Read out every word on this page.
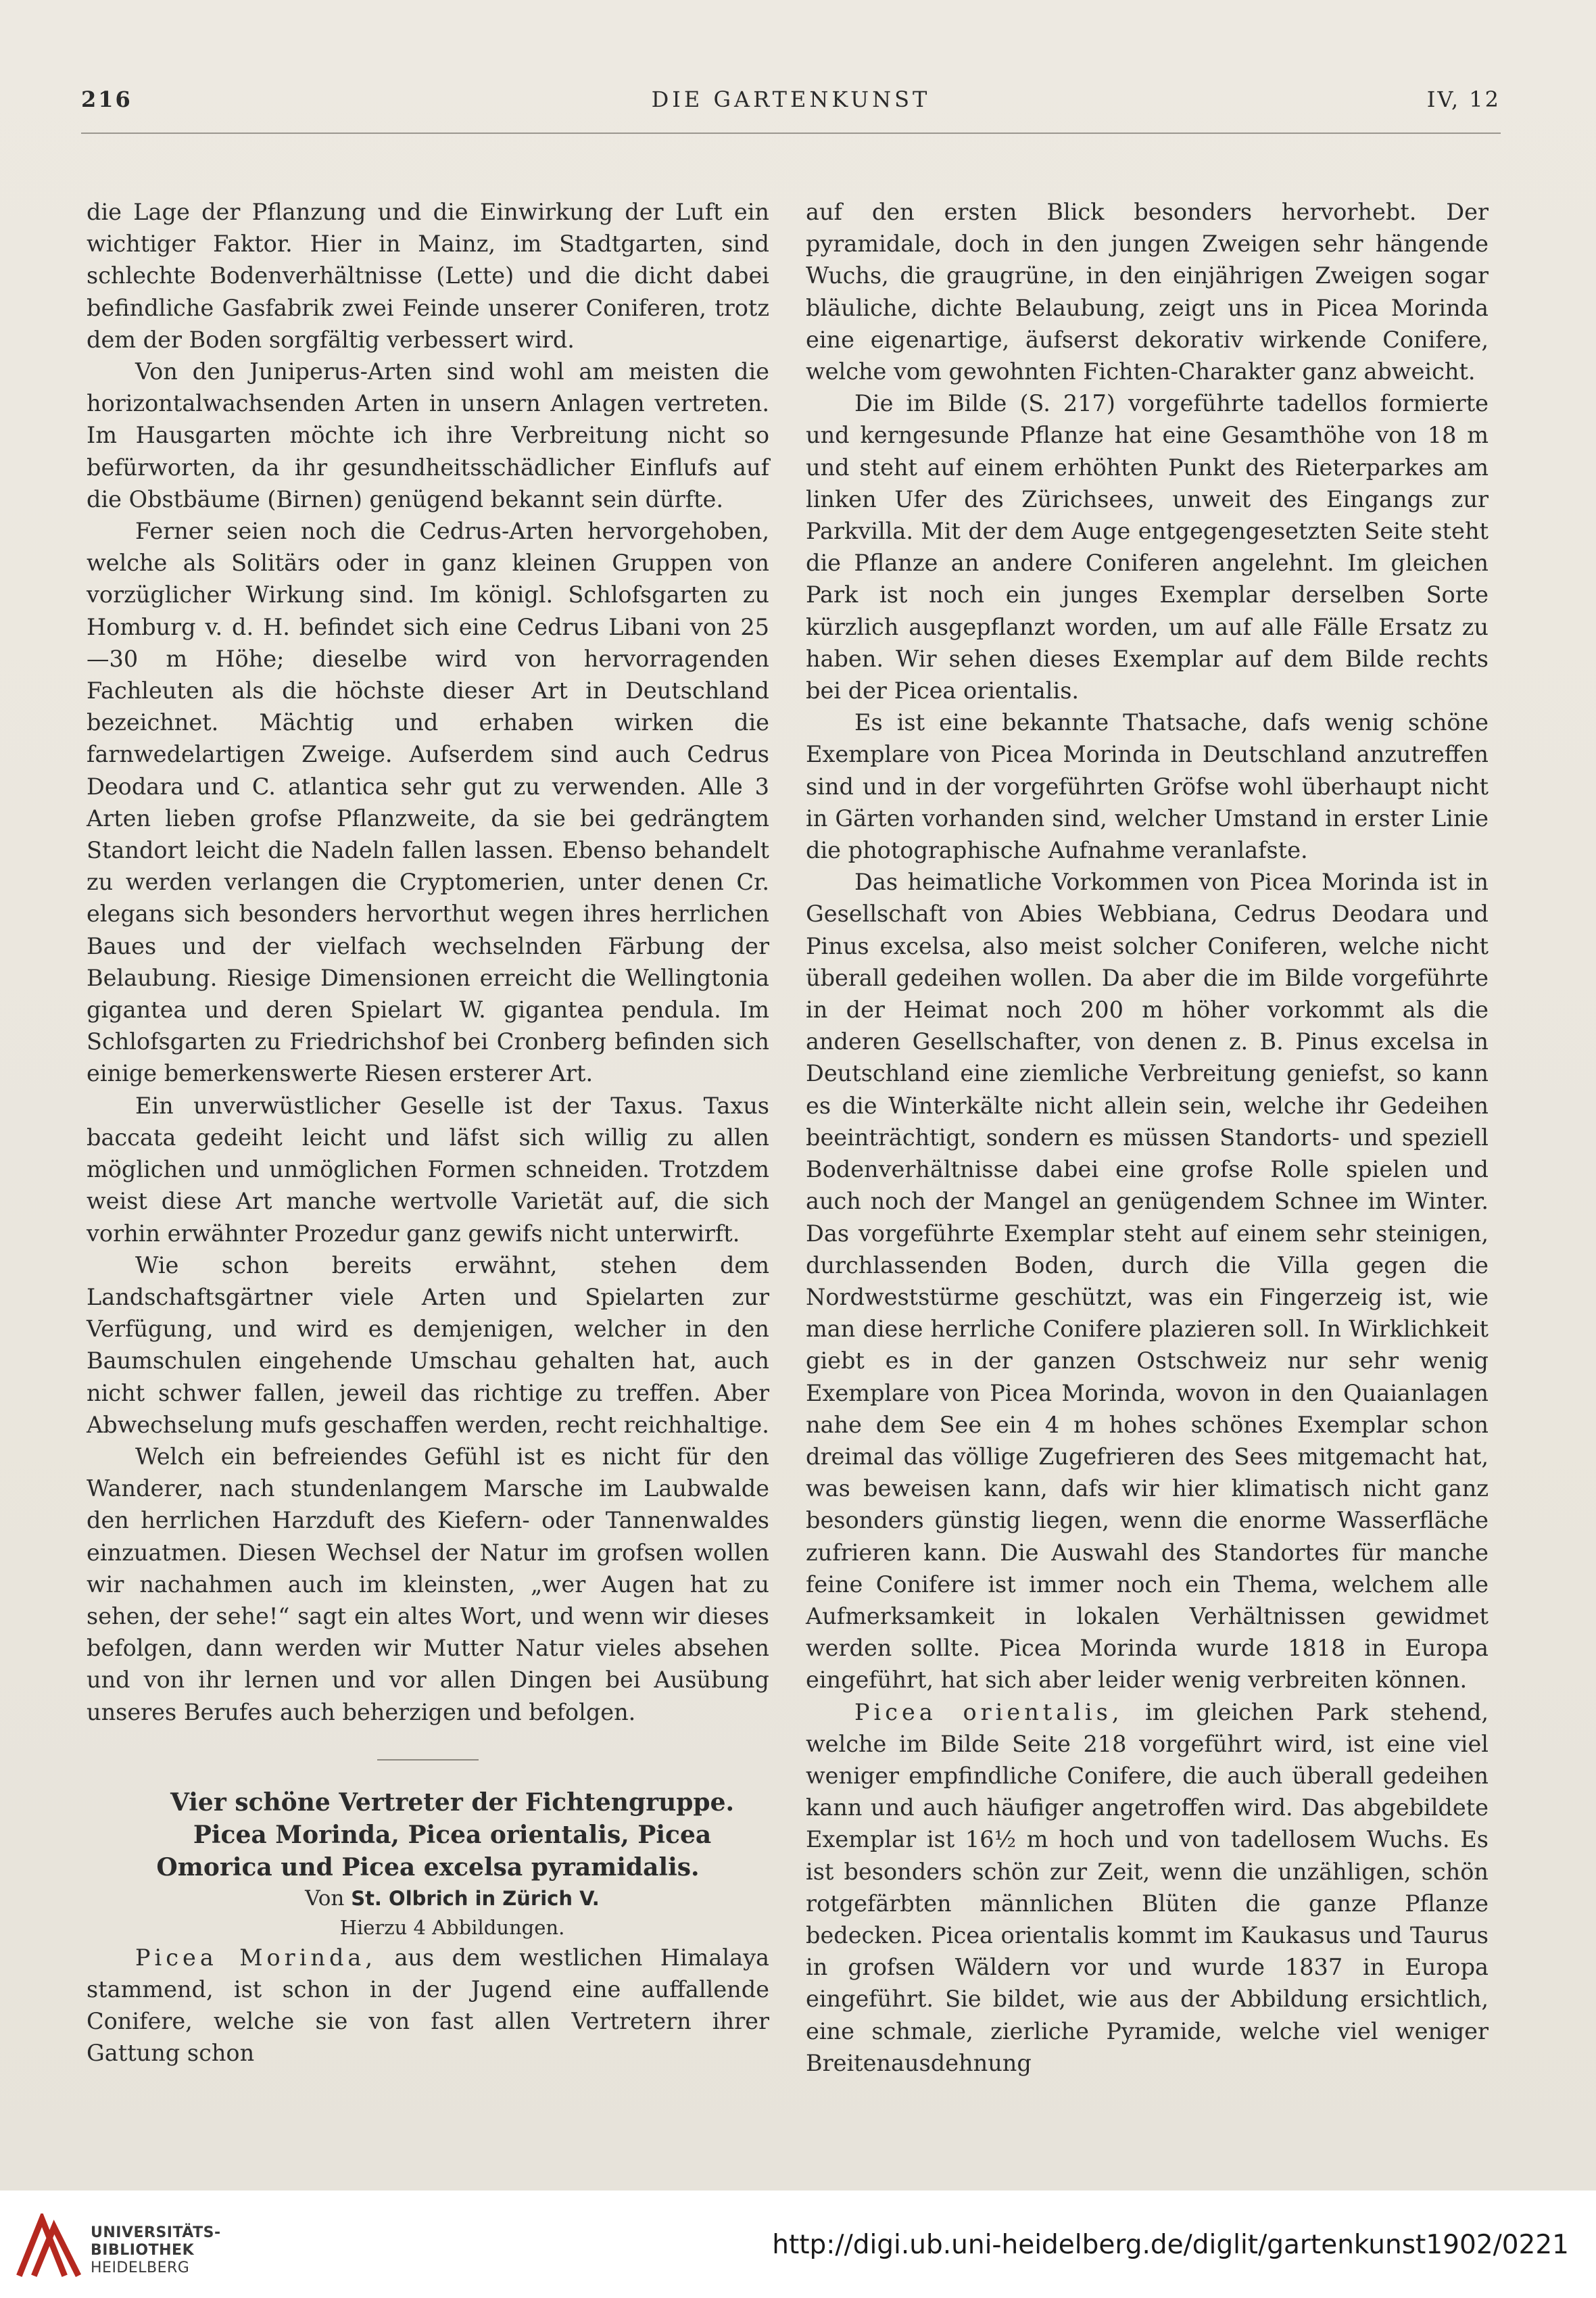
216	DIE GARTENKUNST	IV, 12

die Lage der Pflanzung und die Einwirkung der Luft ein wichtiger Faktor. Hier in Mainz, im Stadtgarten, sind schlechte Bodenverhältnisse (Lette) und die dicht dabei befindliche Gasfabrik zwei Feinde unserer Coniferen, trotz dem der Boden sorgfältig verbessert wird.

Von den Juniperus-Arten sind wohl am meisten die horizontalwachsenden Arten in unsern Anlagen vertreten. Im Hausgarten möchte ich ihre Verbreitung nicht so befürworten, da ihr gesundheitsschädlicher Einflufs auf die Obstbäume (Birnen) genügend bekannt sein dürfte.

Ferner seien noch die Cedrus-Arten hervorgehoben, welche als Solitärs oder in ganz kleinen Gruppen von vorzüglicher Wirkung sind. Im königl. Schlofsgarten zu Homburg v. d. H. befindet sich eine Cedrus Libani von 25—30 m Höhe; dieselbe wird von hervorragenden Fachleuten als die höchste dieser Art in Deutschland bezeichnet. Mächtig und erhaben wirken die farnwedelartigen Zweige. Aufserdem sind auch Cedrus Deodara und C. atlantica sehr gut zu verwenden. Alle 3 Arten lieben grofse Pflanzweite, da sie bei gedrängtem Standort leicht die Nadeln fallen lassen. Ebenso behandelt zu werden verlangen die Cryptomerien, unter denen Cr. elegans sich besonders hervorthut wegen ihres herrlichen Baues und der vielfach wechselnden Färbung der Belaubung. Riesige Dimensionen erreicht die Wellingtonia gigantea und deren Spielart W. gigantea pendula. Im Schlofsgarten zu Friedrichshof bei Cronberg befinden sich einige bemerkenswerte Riesen ersterer Art.

Ein unverwüstlicher Geselle ist der Taxus. Taxus baccata gedeiht leicht und läfst sich willig zu allen möglichen und unmöglichen Formen schneiden. Trotzdem weist diese Art manche wertvolle Varietät auf, die sich vorhin erwähnter Prozedur ganz gewifs nicht unterwirft.

Wie schon bereits erwähnt, stehen dem Landschaftsgärtner viele Arten und Spielarten zur Verfügung, und wird es demjenigen, welcher in den Baumschulen eingehende Umschau gehalten hat, auch nicht schwer fallen, jeweil das richtige zu treffen. Aber Abwechselung mufs geschaffen werden, recht reichhaltige.

Welch ein befreiendes Gefühl ist es nicht für den Wanderer, nach stundenlangem Marsche im Laubwalde den herrlichen Harzduft des Kiefern- oder Tannenwaldes einzuatmen. Diesen Wechsel der Natur im grofsen wollen wir nachahmen auch im kleinsten, „wer Augen hat zu sehen, der sehe!“ sagt ein altes Wort, und wenn wir dieses befolgen, dann werden wir Mutter Natur vieles absehen und von ihr lernen und vor allen Dingen bei Ausübung unseres Berufes auch beherzigen und befolgen.

Vier schöne Vertreter der Fichtengruppe.

Picea Morinda, Picea orientalis, Picea Omorica und Picea excelsa pyramidalis.

Von St. Olbrich in Zürich V.

Hierzu 4 Abbildungen.

Picea Morinda, aus dem westlichen Himalaya stammend, ist schon in der Jugend eine auffallende Conifere, welche sie von fast allen Vertretern ihrer Gattung schon

auf den ersten Blick besonders hervorhebt. Der pyramidale, doch in den jungen Zweigen sehr hängende Wuchs, die graugrüne, in den einjährigen Zweigen sogar bläuliche, dichte Belaubung, zeigt uns in Picea Morinda eine eigenartige, äufserst dekorativ wirkende Conifere, welche vom gewohnten Fichten-Charakter ganz abweicht.

Die im Bilde (S. 217) vorgeführte tadellos formierte und kerngesunde Pflanze hat eine Gesamthöhe von 18 m und steht auf einem erhöhten Punkt des Rieterparkes am linken Ufer des Zürichsees, unweit des Eingangs zur Parkvilla. Mit der dem Auge entgegengesetzten Seite steht die Pflanze an andere Coniferen angelehnt. Im gleichen Park ist noch ein junges Exemplar derselben Sorte kürzlich ausgepflanzt worden, um auf alle Fälle Ersatz zu haben. Wir sehen dieses Exemplar auf dem Bilde rechts bei der Picea orientalis.

Es ist eine bekannte Thatsache, dafs wenig schöne Exemplare von Picea Morinda in Deutschland anzutreffen sind und in der vorgeführten Gröfse wohl überhaupt nicht in Gärten vorhanden sind, welcher Umstand in erster Linie die photographische Aufnahme veranlafste.

Das heimatliche Vorkommen von Picea Morinda ist in Gesellschaft von Abies Webbiana, Cedrus Deodara und Pinus excelsa, also meist solcher Coniferen, welche nicht überall gedeihen wollen. Da aber die im Bilde vorgeführte in der Heimat noch 200 m höher vorkommt als die anderen Gesellschafter, von denen z. B. Pinus excelsa in Deutschland eine ziemliche Verbreitung geniefst, so kann es die Winterkälte nicht allein sein, welche ihr Gedeihen beeinträchtigt, sondern es müssen Standorts- und speziell Bodenverhältnisse dabei eine grofse Rolle spielen und auch noch der Mangel an genügendem Schnee im Winter. Das vorgeführte Exemplar steht auf einem sehr steinigen, durchlassenden Boden, durch die Villa gegen die Nordweststürme geschützt, was ein Fingerzeig ist, wie man diese herrliche Conifere plazieren soll. In Wirklichkeit giebt es in der ganzen Ostschweiz nur sehr wenig Exemplare von Picea Morinda, wovon in den Quaianlagen nahe dem See ein 4 m hohes schönes Exemplar schon dreimal das völlige Zugefrieren des Sees mitgemacht hat, was beweisen kann, dafs wir hier klimatisch nicht ganz besonders günstig liegen, wenn die enorme Wasserfläche zufrieren kann. Die Auswahl des Standortes für manche feine Conifere ist immer noch ein Thema, welchem alle Aufmerksamkeit in lokalen Verhältnissen gewidmet werden sollte. Picea Morinda wurde 1818 in Europa eingeführt, hat sich aber leider wenig verbreiten können.

Picea orientalis, im gleichen Park stehend, welche im Bilde Seite 218 vorgeführt wird, ist eine viel weniger empfindliche Conifere, die auch überall gedeihen kann und auch häufiger angetroffen wird. Das abgebildete Exemplar ist 16½ m hoch und von tadellosem Wuchs. Es ist besonders schön zur Zeit, wenn die unzähligen, schön rotgefärbten männlichen Blüten die ganze Pflanze bedecken. Picea orientalis kommt im Kaukasus und Taurus in grofsen Wäldern vor und wurde 1837 in Europa eingeführt. Sie bildet, wie aus der Abbildung ersichtlich, eine schmale, zierliche Pyramide, welche viel weniger Breitenausdehnung

UNIVERSITÄTS-
BIBLIOTHEK
HEIDELBERG
http://digi.ub.uni-heidelberg.de/diglit/gartenkunst1902/0221
